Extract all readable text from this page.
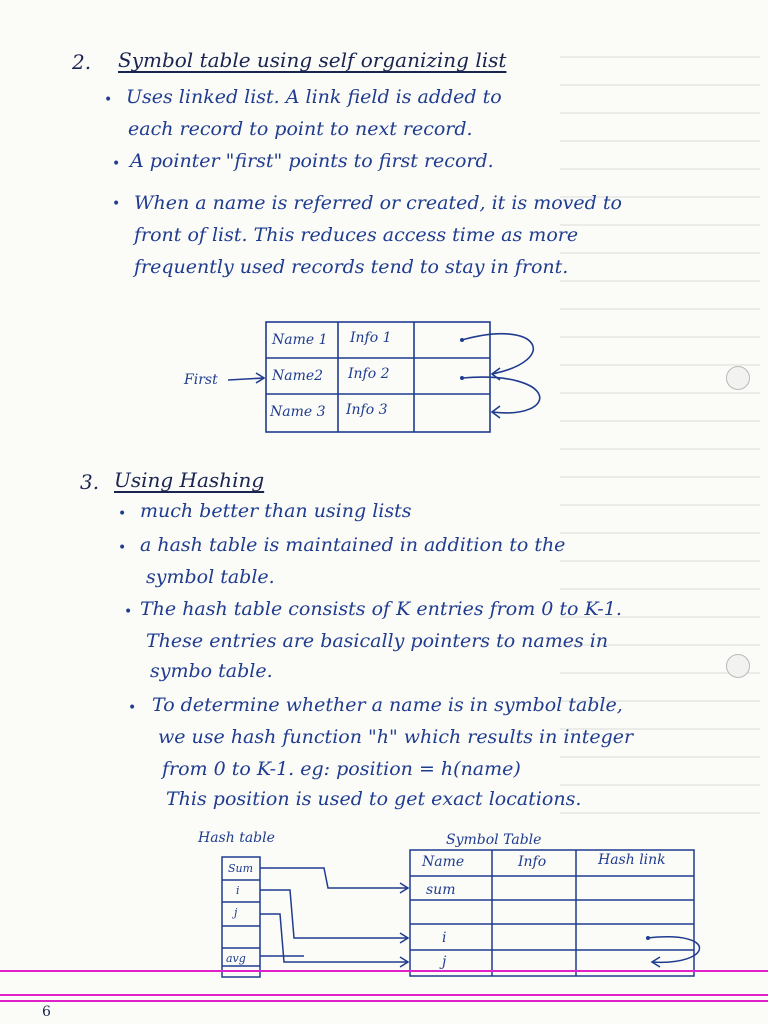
2. Symbol table using self organizing list
• Uses linked list. A link field is added to
each record to point to next record.
• A pointer "first" points to first record.
• When a name is referred or created, it is moved to
front of list. This reduces access time as more
frequently used records tend to stay in front.
First
Name 1 Info 1
Name2 Info 2
Name 3 Info 3
3. Using Hashing
• much better than using lists
• a hash table is maintained in addition to the
symbol table.
• The hash table consists of K entries from 0 to K-1.
These entries are basically pointers to names in
symbo table.
• To determine whether a name is in symbol table,
we use hash function "h" which results in integer
from 0 to K-1. eg: position = h(name)
This position is used to get exact locations.
Hash table	Symbol Table
Sum
i
j
avg
Name	Info	Hash link
sum
i
j
6
